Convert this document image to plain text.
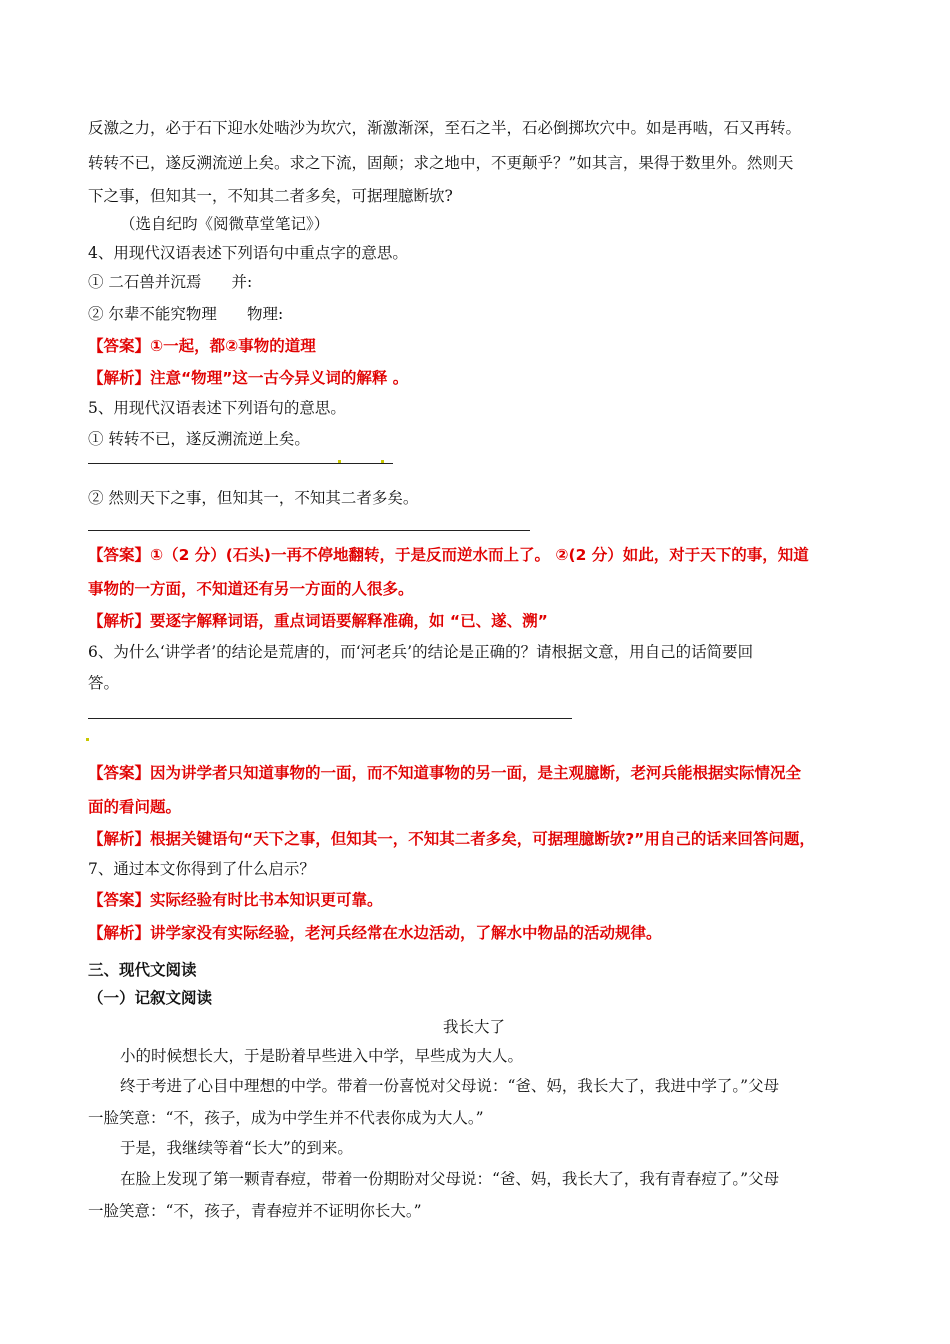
反激之力，必于石下迎水处啮沙为坎穴，渐激渐深，至石之半，石必倒掷坎穴中。如是再啮，石又再转。
转转不已，遂反溯流逆上矣。求之下流，固颠；求之地中，不更颠乎？”如其言，果得于数里外。然则天
下之事，但知其一，不知其二者多矣，可据理臆断欤?
（选自纪昀《阅微草堂笔记》）
4、用现代汉语表述下列语句中重点字的意思。
① 二石兽并沉焉 并:
② 尔辈不能究物理 物理:
【答案】①一起，都②事物的道理
【解析】注意“物理”这一古今异义词的解释 。
5、用现代汉语表述下列语句的意思。
① 转转不已，遂反溯流逆上矣。
② 然则天下之事，但知其一，不知其二者多矣。
【答案】①（2 分）(石头)一再不停地翻转，于是反而逆水而上了。 ②(2 分）如此，对于天下的事，知道
事物的一方面，不知道还有另一方面的人很多。
【解析】要逐字解释词语，重点词语要解释准确，如 “已、遂、溯”
6、为什么‘讲学者’的结论是荒唐的，而‘河老兵’的结论是正确的？请根据文意，用自己的话简要回
答。
【答案】因为讲学者只知道事物的一面，而不知道事物的另一面，是主观臆断，老河兵能根据实际情况全
面的看问题。
【解析】根据关键语句“天下之事，但知其一，不知其二者多矣，可据理臆断欤?”用自己的话来回答问题，
7、通过本文你得到了什么启示？
【答案】实际经验有时比书本知识更可靠。
【解析】讲学家没有实际经验，老河兵经常在水边活动，了解水中物品的活动规律。
三、现代文阅读
（一）记叙文阅读
我长大了
小的时候想长大，于是盼着早些进入中学，早些成为大人。
终于考进了心目中理想的中学。带着一份喜悦对父母说：“爸、妈，我长大了，我进中学了。”父母
一脸笑意：“不，孩子，成为中学生并不代表你成为大人。”
于是，我继续等着“长大”的到来。
在脸上发现了第一颗青春痘，带着一份期盼对父母说：“爸、妈，我长大了，我有青春痘了。”父母
一脸笑意：“不，孩子，青春痘并不证明你长大。”
